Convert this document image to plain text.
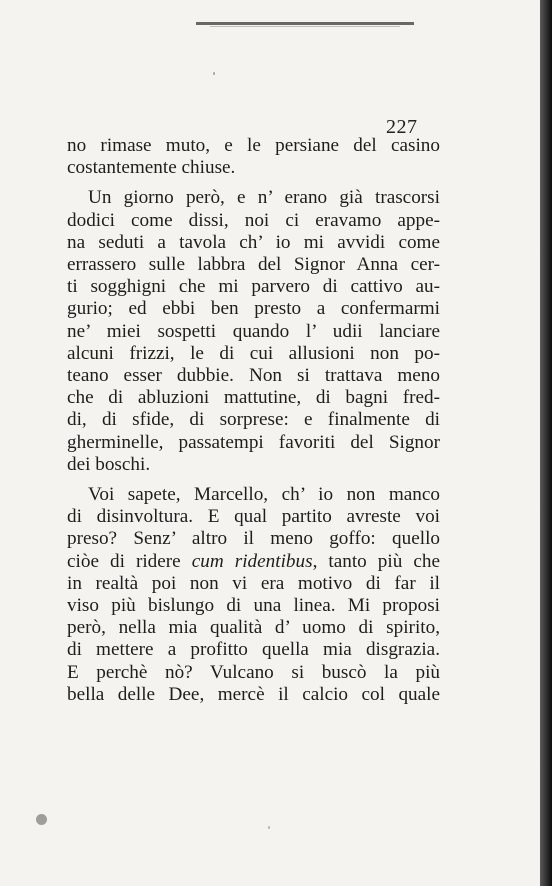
227
no rimase muto, e le persiane del casino
costantemente chiuse.
Un giorno però, e n’ erano già trascorsi
dodici come dissi, noi ci eravamo appe-
na seduti a tavola ch’ io mi avvidi come
errassero sulle labbra del Signor Anna cer-
ti sogghigni che mi parvero di cattivo au-
gurio; ed ebbi ben presto a confermarmi
ne’ miei sospetti quando l’ udii lanciare
alcuni frizzi, le di cui allusioni non po-
teano esser dubbie. Non si trattava meno
che di abluzioni mattutine, di bagni fred-
di, di sfide, di sorprese: e finalmente di
gherminelle, passatempi favoriti del Signor
dei boschi.
Voi sapete, Marcello, ch’ io non manco
di disinvoltura. E qual partito avreste voi
preso? Senz’ altro il meno goffo: quello
ciòe di ridere cum ridentibus, tanto più che
in realtà poi non vi era motivo di far il
viso più bislungo di una linea. Mi proposi
però, nella mia qualità d’ uomo di spirito,
di mettere a profitto quella mia disgrazia.
E perchè nò? Vulcano si buscò la più
bella delle Dee, mercè il calcio col quale
